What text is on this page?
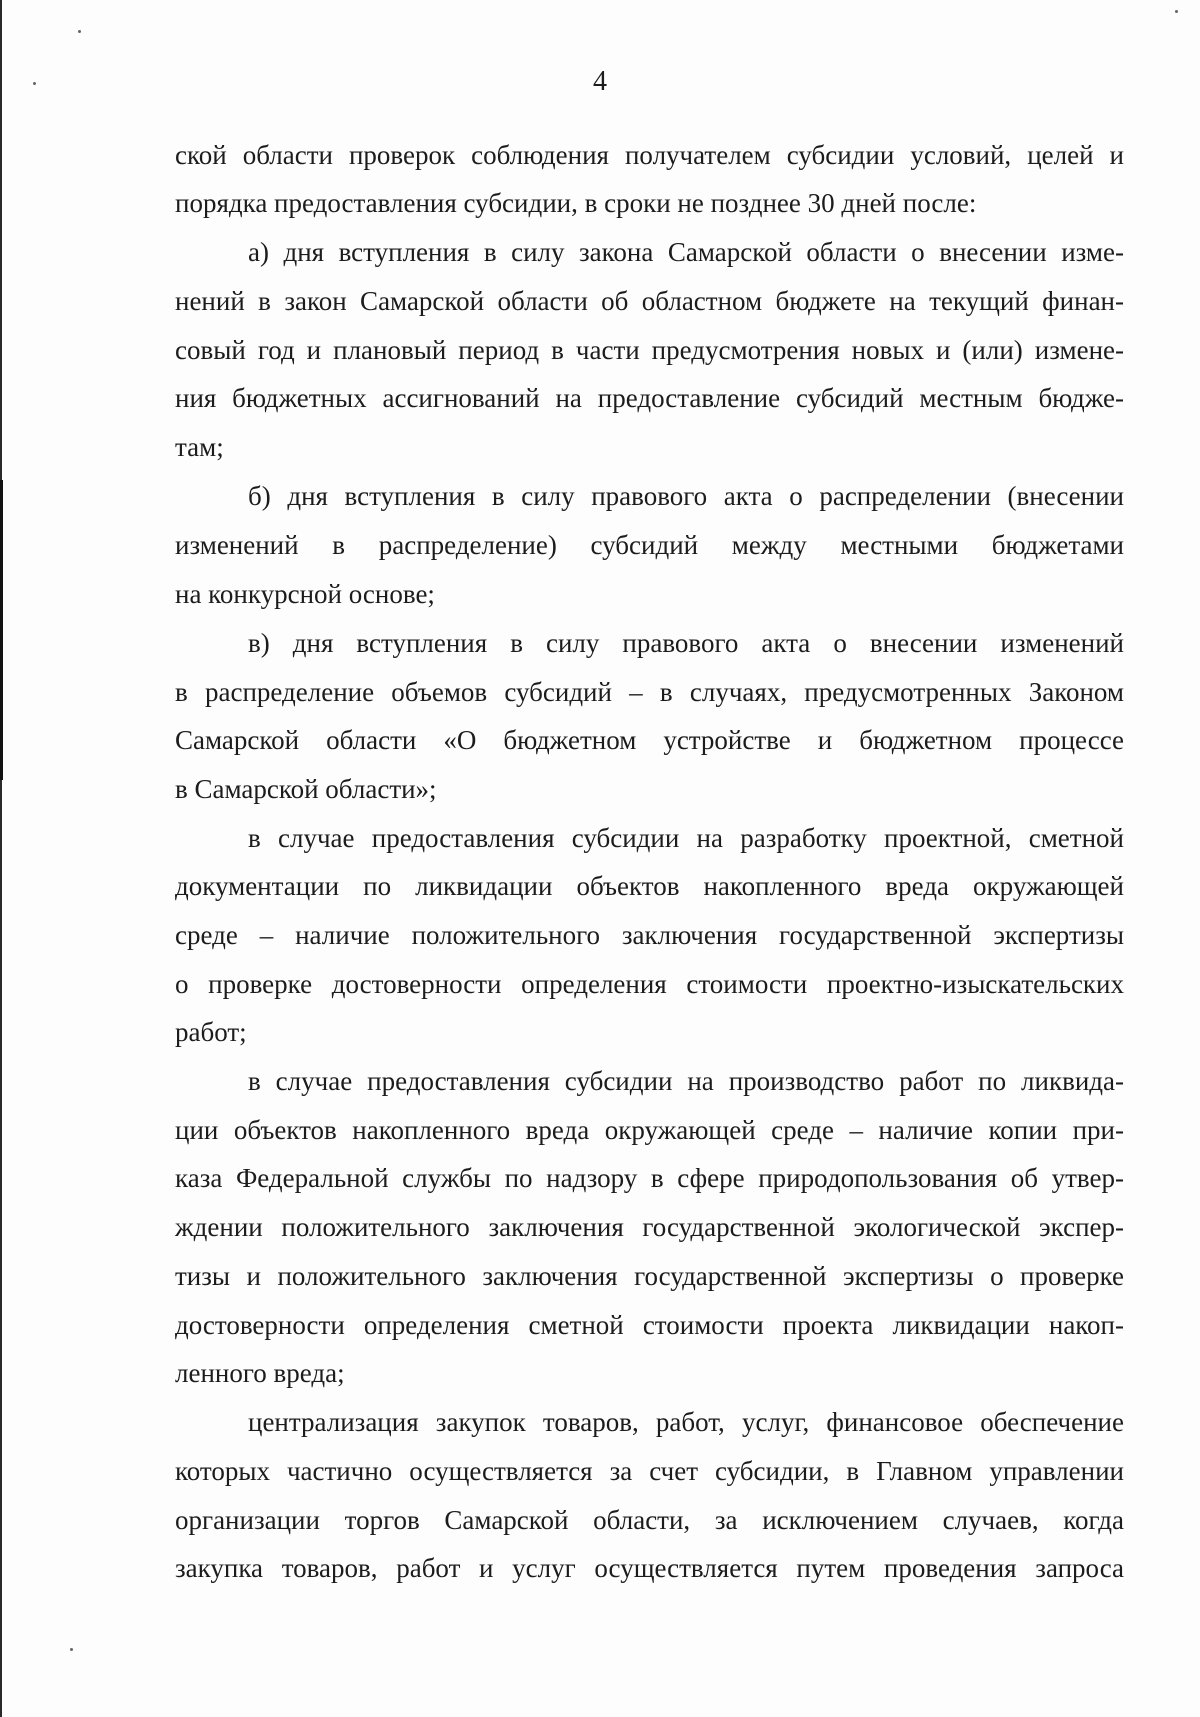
4
ской области проверок соблюдения получателем субсидии условий, целей и
порядка предоставления субсидии, в сроки не позднее 30 дней после:
а) дня вступления в силу закона Самарской области о внесении изме-
нений в закон Самарской области об областном бюджете на текущий финан-
совый год и плановый период в части предусмотрения новых и (или) измене-
ния бюджетных ассигнований на предоставление субсидий местным бюдже-
там;
б) дня вступления в силу правового акта о распределении (внесении
изменений в распределение) субсидий между местными бюджетами
на конкурсной основе;
в) дня вступления в силу правового акта о внесении изменений
в распределение объемов субсидий – в случаях, предусмотренных Законом
Самарской области «О бюджетном устройстве и бюджетном процессе
в Самарской области»;
в случае предоставления субсидии на разработку проектной, сметной
документации по ликвидации объектов накопленного вреда окружающей
среде – наличие положительного заключения государственной экспертизы
о проверке достоверности определения стоимости проектно-изыскательских
работ;
в случае предоставления субсидии на производство работ по ликвида-
ции объектов накопленного вреда окружающей среде – наличие копии при-
каза Федеральной службы по надзору в сфере природопользования об утвер-
ждении положительного заключения государственной экологической экспер-
тизы и положительного заключения государственной экспертизы о проверке
достоверности определения сметной стоимости проекта ликвидации накоп-
ленного вреда;
централизация закупок товаров, работ, услуг, финансовое обеспечение
которых частично осуществляется за счет субсидии, в Главном управлении
организации торгов Самарской области, за исключением случаев, когда
закупка товаров, работ и услуг осуществляется путем проведения запроса
